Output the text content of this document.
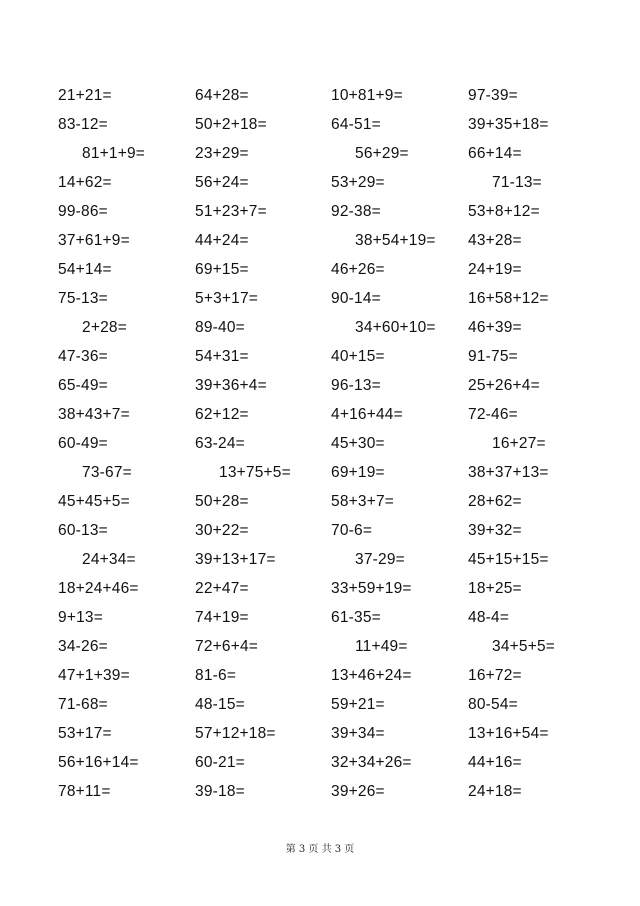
21+21=	64+28=	10+81+9=	97-39=
83-12=	50+2+18=	64-51=	39+35+18=
81+1+9=	23+29=	56+29=	66+14=
14+62=	56+24=	53+29=	71-13=
99-86=	51+23+7=	92-38=	53+8+12=
37+61+9=	44+24=	38+54+19= 43+28=
54+14=	69+15=	46+26=	24+19=
75-13=	5+3+17=	90-14=	16+58+12=
2+28=	89-40=	34+60+10= 46+39=
47-36=	54+31=	40+15=	91-75=
65-49=	39+36+4=	96-13=	25+26+4=
38+43+7=	62+12=	4+16+44=	72-46=
60-49=	63-24=	45+30=	16+27=
73-67=	13+75+5=	69+19=	38+37+13=
45+45+5=	50+28=	58+3+7=	28+62=
60-13=	30+22=	70-6=	39+32=
24+34=	39+13+17=	37-29=	45+15+15=
18+24+46=	22+47=	33+59+19=	18+25=
9+13=	74+19=	61-35=	48-4=
34-26=	72+6+4=	11+49=	34+5+5=
47+1+39=	81-6=	13+46+24=	16+72=
71-68=	48-15=	59+21=	80-54=
53+17=	57+12+18=	39+34=	13+16+54=
56+16+14=	60-21=	32+34+26=	44+16=
78+11=	39-18=	39+26=	24+18=
第 3 页 共 3 页
